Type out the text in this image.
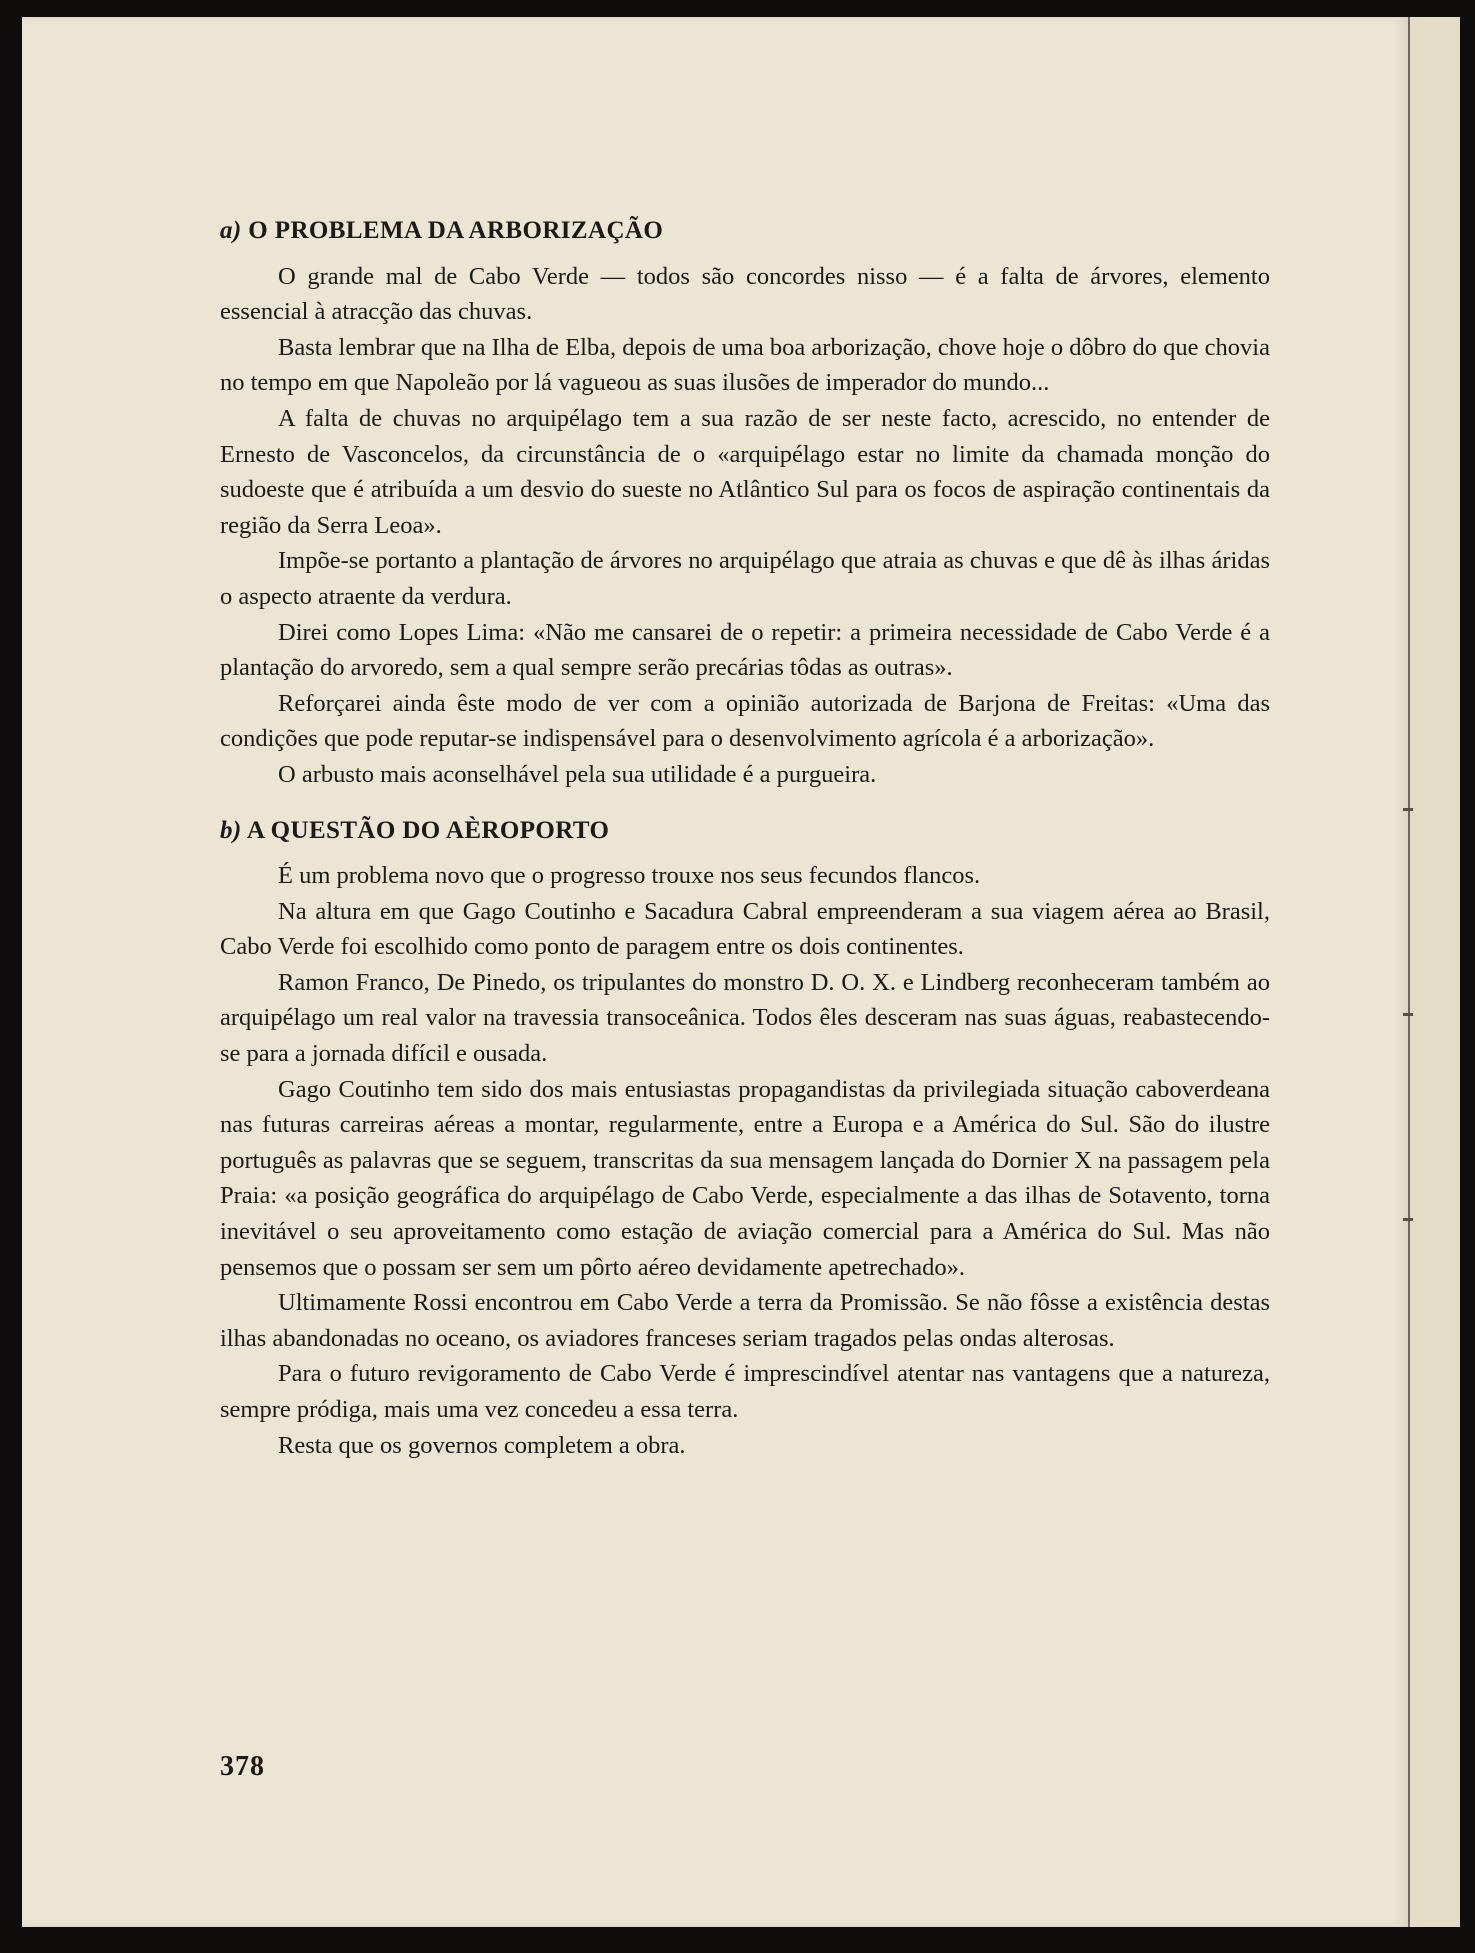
a) O PROBLEMA DA ARBORIZAÇÃO

O grande mal de Cabo Verde — todos são concordes nisso — é a falta de árvores, elemento essencial à atracção das chuvas.

Basta lembrar que na Ilha de Elba, depois de uma boa arborização, chove hoje o dôbro do que chovia no tempo em que Napoleão por lá vagueou as suas ilusões de imperador do mundo...

A falta de chuvas no arquipélago tem a sua razão de ser neste facto, acrescido, no entender de Ernesto de Vasconcelos, da circunstância de o «arquipélago estar no limite da chamada monção do sudoeste que é atribuída a um desvio do sueste no Atlântico Sul para os focos de aspiração continentais da região da Serra Leoa».

Impõe-se portanto a plantação de árvores no arquipélago que atraia as chuvas e que dê às ilhas áridas o aspecto atraente da verdura.

Direi como Lopes Lima: «Não me cansarei de o repetir: a primeira necessidade de Cabo Verde é a plantação do arvoredo, sem a qual sempre serão precárias tôdas as outras».

Reforçarei ainda êste modo de ver com a opinião autorizada de Barjona de Freitas: «Uma das condições que pode reputar-se indispensável para o desenvolvimento agrícola é a arborização».

O arbusto mais aconselhável pela sua utilidade é a purgueira.

b) A QUESTÃO DO AÈROPORTO

É um problema novo que o progresso trouxe nos seus fecundos flancos.

Na altura em que Gago Coutinho e Sacadura Cabral empreenderam a sua viagem aérea ao Brasil, Cabo Verde foi escolhido como ponto de paragem entre os dois continentes.

Ramon Franco, De Pinedo, os tripulantes do monstro D. O. X. e Lindberg reconheceram também ao arquipélago um real valor na travessia transoceânica. Todos êles desceram nas suas águas, reabastecendo-se para a jornada difícil e ousada.

Gago Coutinho tem sido dos mais entusiastas propagandistas da privilegiada situação caboverdeana nas futuras carreiras aéreas a montar, regularmente, entre a Europa e a América do Sul. São do ilustre português as palavras que se seguem, transcritas da sua mensagem lançada do Dornier X na passagem pela Praia: «a posição geográfica do arquipélago de Cabo Verde, especialmente a das ilhas de Sotavento, torna inevitável o seu aproveitamento como estação de aviação comercial para a América do Sul. Mas não pensemos que o possam ser sem um pôrto aéreo devidamente apetrechado».

Ultimamente Rossi encontrou em Cabo Verde a terra da Promissão. Se não fôsse a existência destas ilhas abandonadas no oceano, os aviadores franceses seriam tragados pelas ondas alterosas.

Para o futuro revigoramento de Cabo Verde é imprescindível atentar nas vantagens que a natureza, sempre pródiga, mais uma vez concedeu a essa terra.

Resta que os governos completem a obra.

378
